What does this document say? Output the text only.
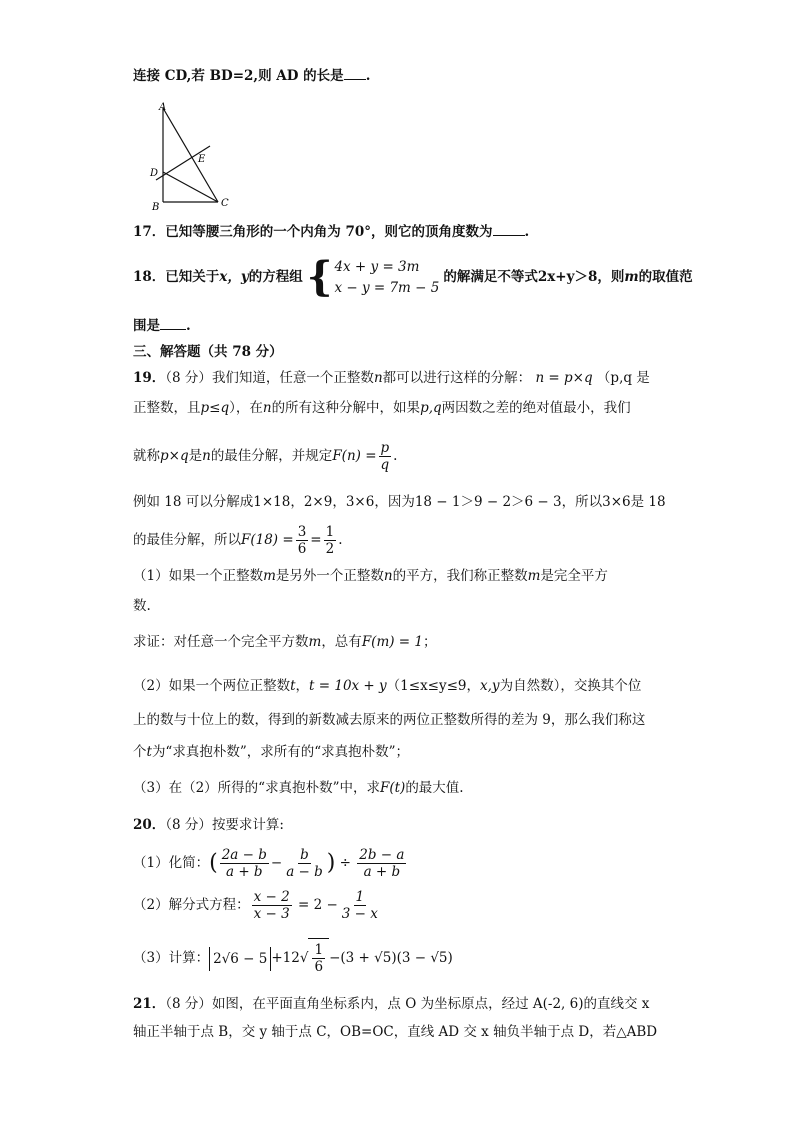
连接 CD,若 BD=2,则 AD 的长是 .
A
D
E
B	C
17．已知等腰三角形的一个内角为 70°，则它的顶角度数为 .
18．已知关于x，y的方程组 { 4x + y = 3m
x − y = 7m − 5
的解满足不等式2x+y＞8，则m的取值范
围是 .
三、解答题（共 78 分）
19．（8 分）我们知道，任意一个正整数n都可以进行这样的分解： n = p×q （p,q 是
正整数，且p≤q），在n的所有这种分解中，如果p,q两因数之差的绝对值最小，我们
就称p×q是n的最佳分解，并规定$F(n) = \frac{p}{q}$ .
例如 18 可以分解成1×18，2×9，3×6，因为18 − 1＞9 − 2＞6 − 3，所以3×6是 18
的最佳分解，所以$F(18) = \frac{3}{6} = \frac{1}{2}$ .
（1）如果一个正整数m是另外一个正整数n的平方，我们称正整数m是完全平方
数.
求证：对任意一个完全平方数m，总有F(m) = 1；
（2）如果一个两位正整数t，t = 10x + y（1≤x≤y≤9，x,y为自然数），交换其个位
上的数与十位上的数，得到的新数减去原来的两位正整数所得的差为 9，那么我们称这
个t为“求真抱朴数”，求所有的“求真抱朴数”；
（3）在（2）所得的“求真抱朴数”中，求F(t)的最大值.
20．（8 分）按要求计算:
（1）化简：( $\frac{2a - b}{a + b} - \frac{b}{a - b}$ ) ÷ $\frac{2b - a}{a + b}$
（2）解分式方程： $\frac{x - 2}{x - 3} = 2 - \frac{1}{3 - x}$
（3）计算： $2√6 - 5 +12√ \frac{1}{6} -(3 + √5)(3 - √5)$
21．（8 分）如图，在平面直角坐标系内，点 O 为坐标原点，经过 A(-2, 6)的直线交 x
轴正半轴于点 B，交 y 轴于点 C，OB=OC，直线 AD 交 x 轴负半轴于点 D，若△ABD
